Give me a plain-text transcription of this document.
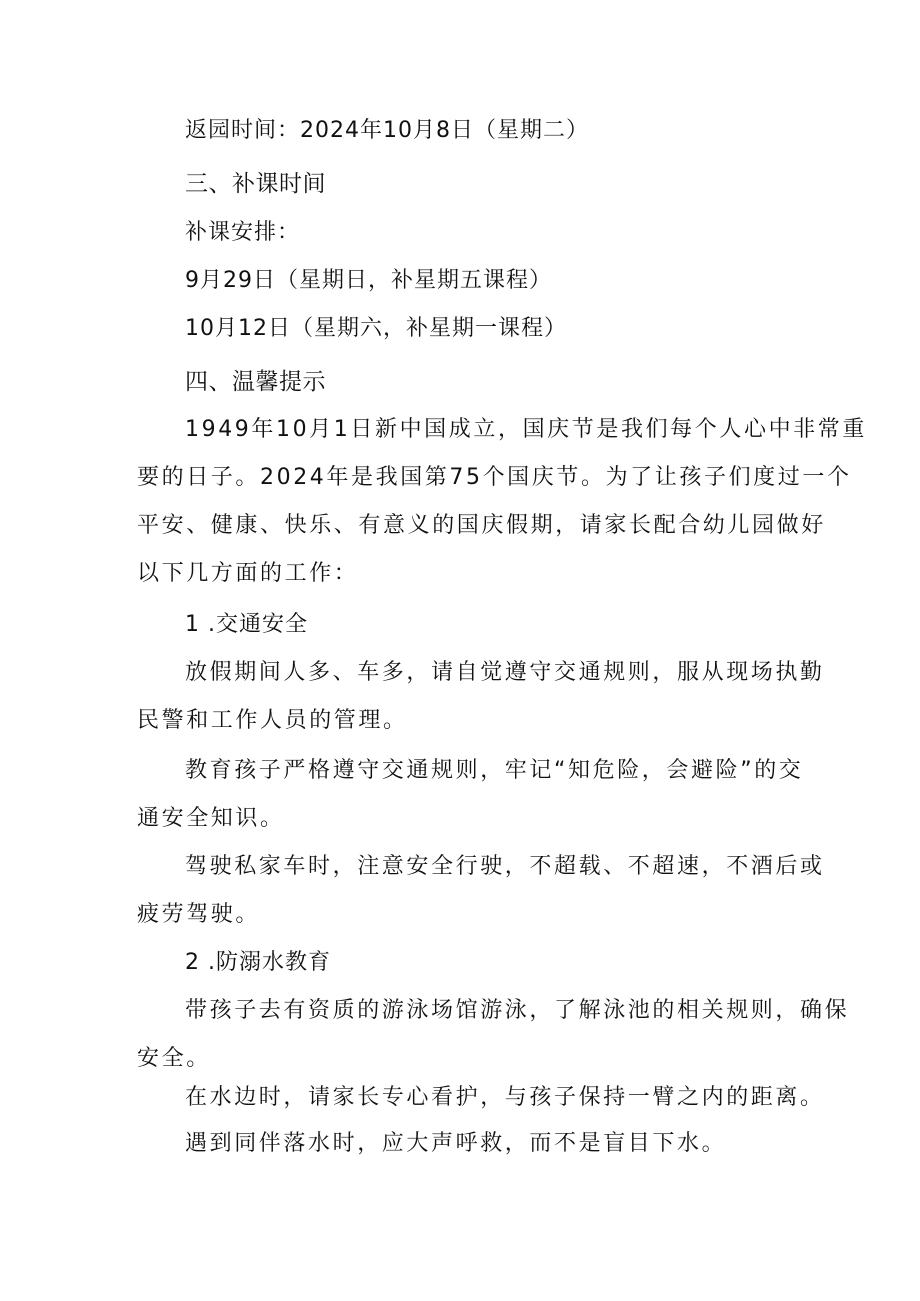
返园时间：2024年10月8日（星期二）
三、补课时间
补课安排：
9月29日（星期日，补星期五课程）
10月12日（星期六，补星期一课程）
四、温馨提示
1949年10月1日新中国成立，国庆节是我们每个人心中非常重
要的日子。2024年是我国第75个国庆节。为了让孩子们度过一个
平安、健康、快乐、有意义的国庆假期，请家长配合幼儿园做好
以下几方面的工作：
1 .交通安全
放假期间人多、车多，请自觉遵守交通规则，服从现场执勤
民警和工作人员的管理。
教育孩子严格遵守交通规则，牢记“知危险，会避险”的交
通安全知识。
驾驶私家车时，注意安全行驶，不超载、不超速，不酒后或
疲劳驾驶。
2 .防溺水教育
带孩子去有资质的游泳场馆游泳，了解泳池的相关规则，确保
安全。
在水边时，请家长专心看护，与孩子保持一臂之内的距离。
遇到同伴落水时，应大声呼救，而不是盲目下水。
